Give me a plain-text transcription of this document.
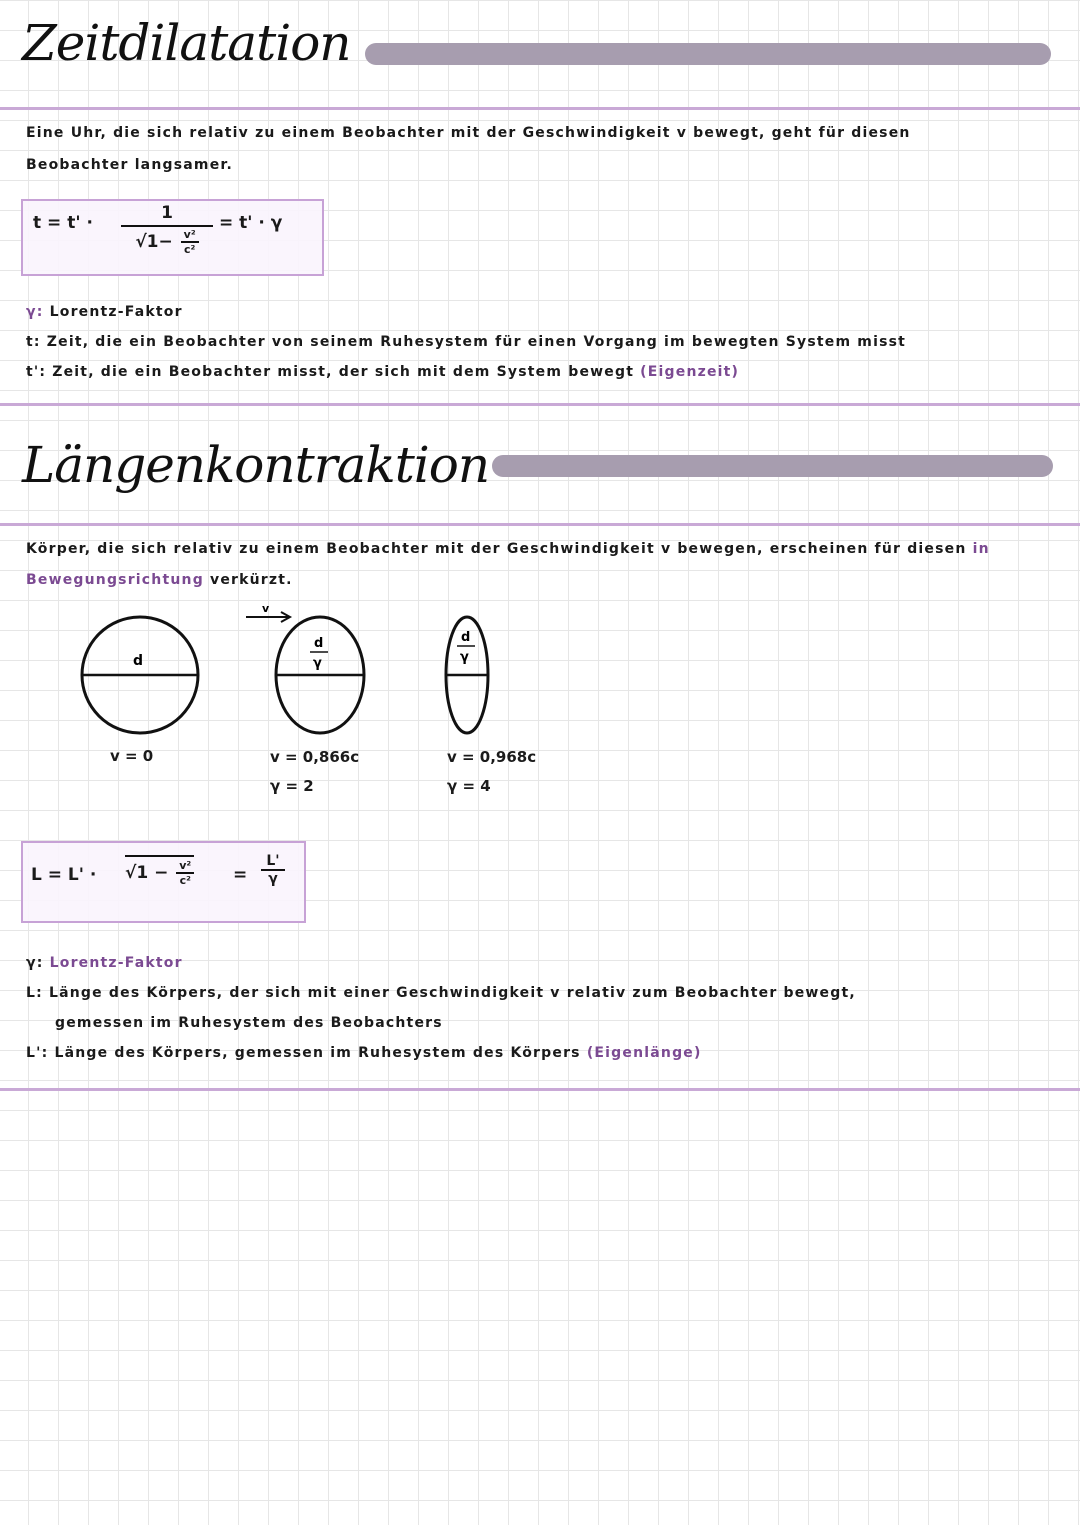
Zeitdilatation
Eine Uhr, die sich relativ zu einem Beobachter mit der Geschwindigkeit v bewegt, geht für diesen
Beobachter langsamer.
t = t' ·	1
$√1- \frac{\text{v²}}{\text{c²}}$
= t' · γ
γ: Lorentz-Faktor
t: Zeit, die ein Beobachter von seinem Ruhesystem für einen Vorgang im bewegten System misst
t': Zeit, die ein Beobachter misst, der sich mit dem System bewegt (Eigenzeit)
Längenkontraktion
Körper, die sich relativ zu einem Beobachter mit der Geschwindigkeit v bewegen, erscheinen für diesen in
Bewegungsrichtung verkürzt.
v
d
d
γ
d
γ
v = 0	v = 0,866c
γ = 2
v = 0,968c
γ = 4
$L = L' \cdot √1 - \frac{\text{v²}}{\text{c²}} = \frac{L'}{\gamma}$
γ: Lorentz-Faktor
L: Länge des Körpers, der sich mit einer Geschwindigkeit v relativ zum Beobachter bewegt,
gemessen im Ruhesystem des Beobachters
L': Länge des Körpers, gemessen im Ruhesystem des Körpers (Eigenlänge)
